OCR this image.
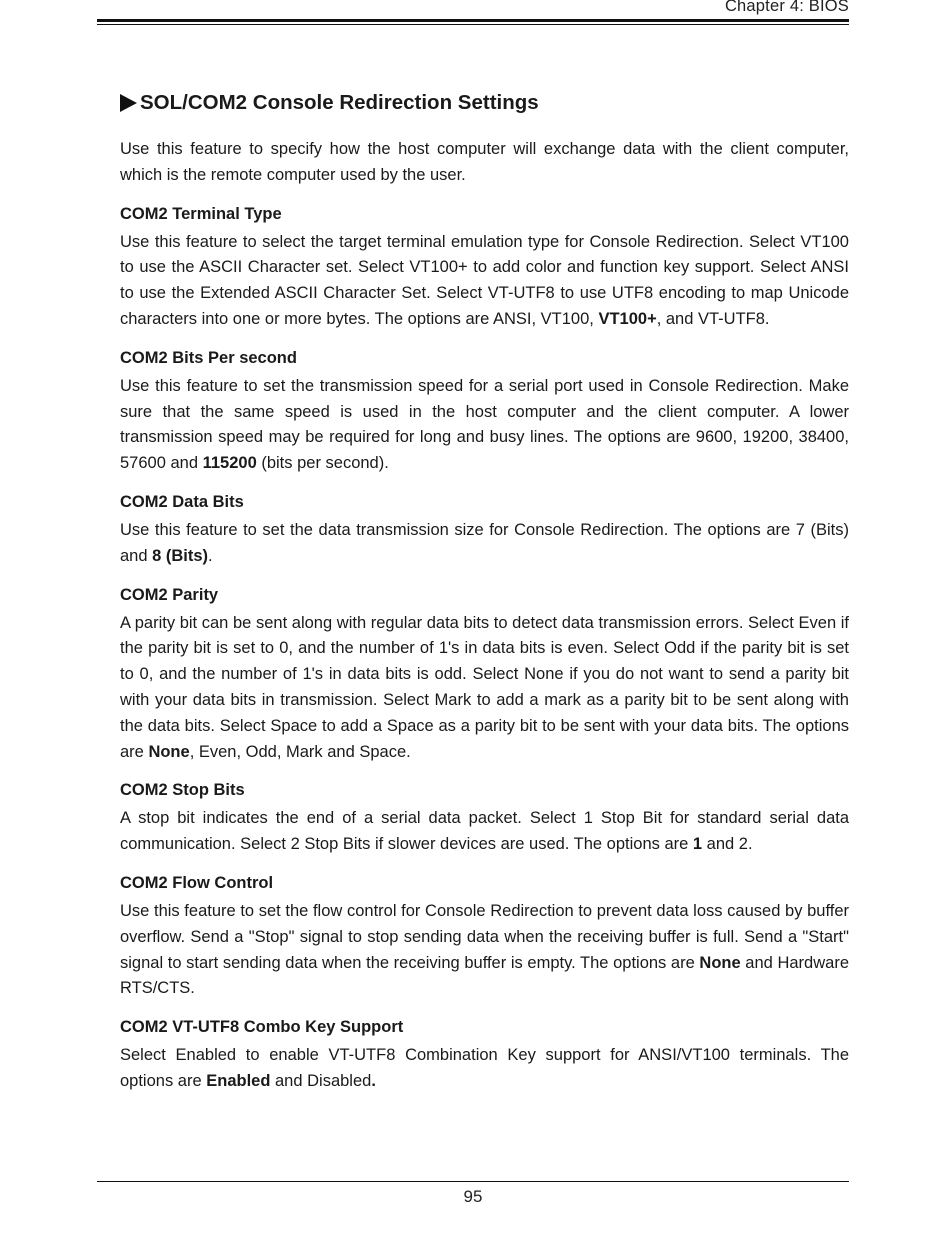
Chapter 4: BIOS
SOL/COM2 Console Redirection Settings

Use this feature to specify how the host computer will exchange data with the client computer, which is the remote computer used by the user.

COM2 Terminal Type

Use this feature to select the target terminal emulation type for Console Redirection. Select VT100 to use the ASCII Character set. Select VT100+ to add color and function key support. Select ANSI to use the Extended ASCII Character Set. Select VT-UTF8 to use UTF8 encoding to map Unicode characters into one or more bytes. The options are ANSI, VT100, VT100+, and VT-UTF8.

COM2 Bits Per second

Use this feature to set the transmission speed for a serial port used in Console Redirection. Make sure that the same speed is used in the host computer and the client computer. A lower transmission speed may be required for long and busy lines. The options are 9600, 19200, 38400, 57600 and 115200 (bits per second).

COM2 Data Bits

Use this feature to set the data transmission size for Console Redirection. The options are 7 (Bits) and 8 (Bits).

COM2 Parity

A parity bit can be sent along with regular data bits to detect data transmission errors. Select Even if the parity bit is set to 0, and the number of 1's in data bits is even. Select Odd if the parity bit is set to 0, and the number of 1's in data bits is odd. Select None if you do not want to send a parity bit with your data bits in transmission. Select Mark to add a mark as a parity bit to be sent along with the data bits. Select Space to add a Space as a parity bit to be sent with your data bits. The options are None, Even, Odd, Mark and Space.

COM2 Stop Bits

A stop bit indicates the end of a serial data packet. Select 1 Stop Bit for standard serial data communication. Select 2 Stop Bits if slower devices are used. The options are 1 and 2.

COM2 Flow Control

Use this feature to set the flow control for Console Redirection to prevent data loss caused by buffer overflow. Send a "Stop" signal to stop sending data when the receiving buffer is full. Send a "Start" signal to start sending data when the receiving buffer is empty. The options are None and Hardware RTS/CTS.

COM2 VT-UTF8 Combo Key Support

Select Enabled to enable VT-UTF8 Combination Key support for ANSI/VT100 terminals. The options are Enabled and Disabled.

95
